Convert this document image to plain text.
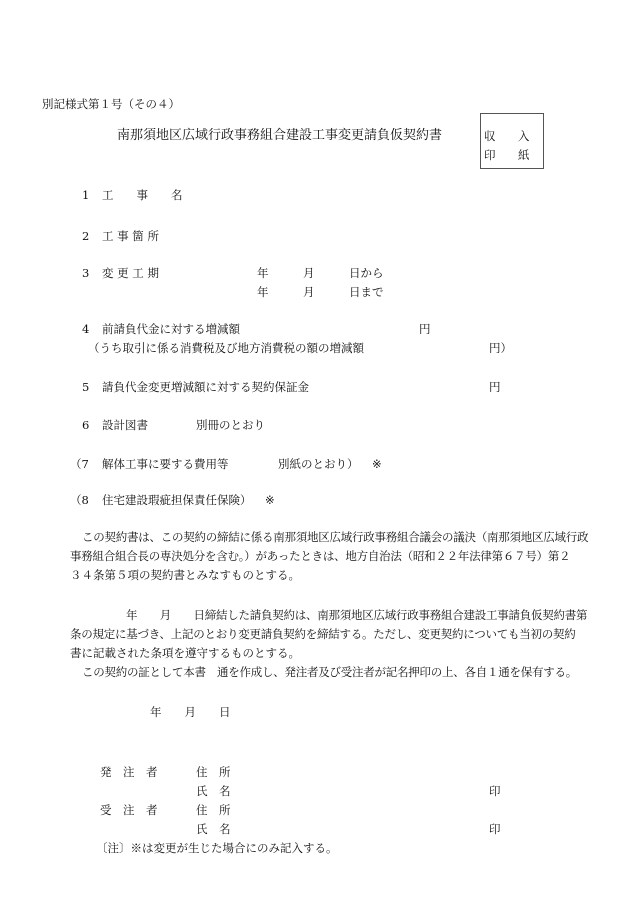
別記様式第１号（その４）
南那須地区広域行政事務組合建設工事変更請負仮契約書	収 入
印 紙
1 工　　事　　名
2 工 事 箇 所
3 変 更 工 期	年　　　月　　　日から
年　　　月　　　日まで
4 前請負代金に対する増減額	円
（うち取引に係る消費税及び地方消費税の額の増減額	円）
5 請負代金変更増減額に対する契約保証金	円
6 設計図書	別冊のとおり
（7 解体工事に要する費用等	別紙のとおり） ※
（8 住宅建設瑕疵担保責任保険） ※
この契約書は、この契約の締結に係る南那須地区広域行政事務組合議会の議決（南那須地区広域行政
事務組合組合長の専決処分を含む。）があったときは、地方自治法（昭和２２年法律第６７号）第２
３４条第５項の契約書とみなすものとする。
年　　月　　日締結した請負契約は、南那須地区広域行政事務組合建設工事請負仮契約書第
条の規定に基づき、上記のとおり変更請負契約を締結する。ただし、変更契約についても当初の契約
書に記載された条項を遵守するものとする。
この契約の証として本書　通を作成し、発注者及び受注者が記名押印の上、各自１通を保有する。
年　　月　　日
発　注　者	住　所
氏　名	印
受　注　者	住　所
氏　名	印
〔注〕※は変更が生じた場合にのみ記入する。
